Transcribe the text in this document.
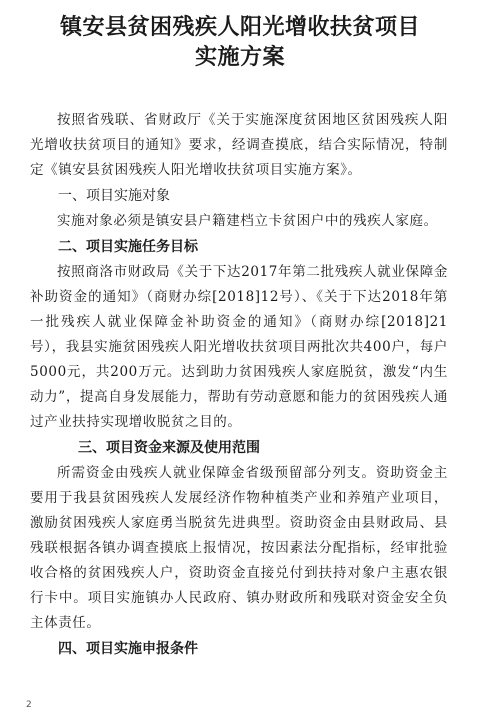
镇安县贫困残疾人阳光增收扶贫项目
实施方案

按照省残联、省财政厅《关于实施深度贫困地区贫困残疾人阳光增收扶贫项目的通知》要求，经调查摸底，结合实际情况，特制定《镇安县贫困残疾人阳光增收扶贫项目实施方案》。

一、项目实施对象

实施对象必须是镇安县户籍建档立卡贫困户中的残疾人家庭。

二、项目实施任务目标

按照商洛市财政局《关于下达2017年第二批残疾人就业保障金补助资金的通知》（商财办综[2018]12号）、《关于下达2018年第一批残疾人就业保障金补助资金的通知》（商财办综[2018]21号），我县实施贫困残疾人阳光增收扶贫项目两批次共400户，每户5000元，共200万元。达到助力贫困残疾人家庭脱贫，激发“内生动力”，提高自身发展能力，帮助有劳动意愿和能力的贫困残疾人通过产业扶持实现增收脱贫之目的。

三、项目资金来源及使用范围

所需资金由残疾人就业保障金省级预留部分列支。资助资金主要用于我县贫困残疾人发展经济作物种植类产业和养殖产业项目，激励贫困残疾人家庭勇当脱贫先进典型。资助资金由县财政局、县残联根据各镇办调查摸底上报情况，按因素法分配指标，经审批验收合格的贫困残疾人户，资助资金直接兑付到扶持对象户主惠农银行卡中。项目实施镇办人民政府、镇办财政所和残联对资金安全负主体责任。

四、项目实施申报条件

2
